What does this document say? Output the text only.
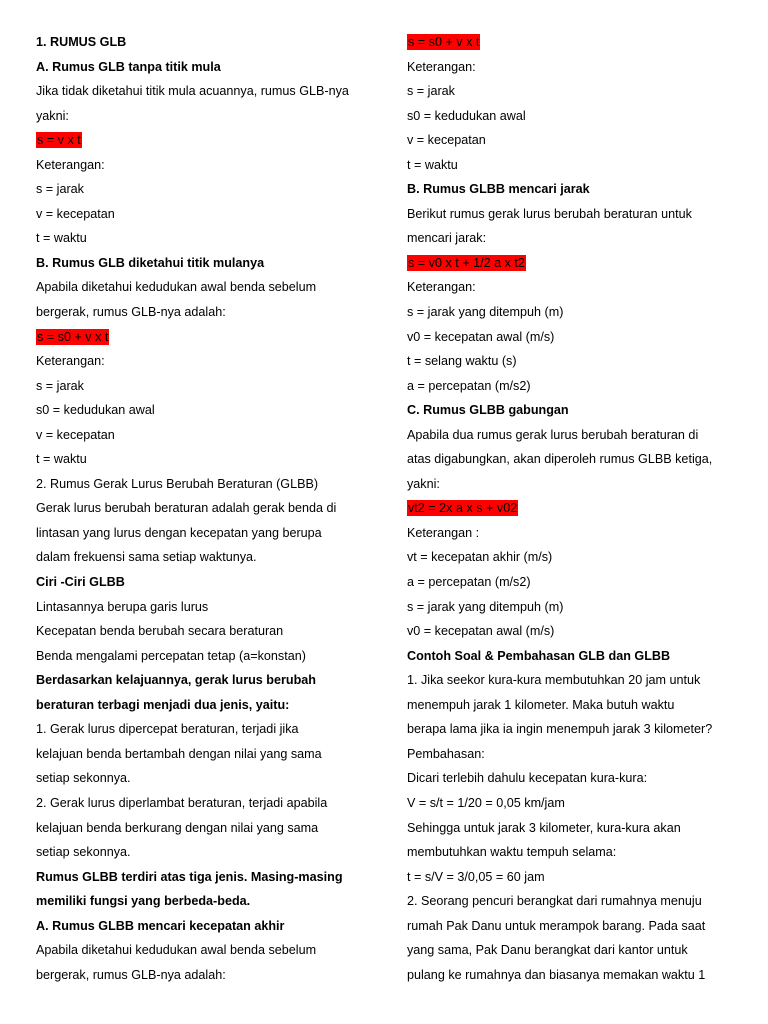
1. RUMUS GLB
A. Rumus GLB tanpa titik mula
Jika tidak diketahui titik mula acuannya, rumus GLB-nya
yakni:
s = v x t
Keterangan:
s = jarak
v = kecepatan
t = waktu
B. Rumus GLB diketahui titik mulanya
Apabila diketahui kedudukan awal benda sebelum
bergerak, rumus GLB-nya adalah:
s = s0 + v x t
Keterangan:
s = jarak
s0 = kedudukan awal
v = kecepatan
t = waktu
2. Rumus Gerak Lurus Berubah Beraturan (GLBB)
Gerak lurus berubah beraturan adalah gerak benda di
lintasan yang lurus dengan kecepatan yang berupa
dalam frekuensi sama setiap waktunya.
Ciri -Ciri GLBB
Lintasannya berupa garis lurus
Kecepatan benda berubah secara beraturan
Benda mengalami percepatan tetap (a=konstan)
Berdasarkan kelajuannya, gerak lurus berubah
beraturan terbagi menjadi dua jenis, yaitu:
1. Gerak lurus dipercepat beraturan, terjadi jika
kelajuan benda bertambah dengan nilai yang sama
setiap sekonnya.
2. Gerak lurus diperlambat beraturan, terjadi apabila
kelajuan benda berkurang dengan nilai yang sama
setiap sekonnya.
Rumus GLBB terdiri atas tiga jenis. Masing-masing
memiliki fungsi yang berbeda-beda.
A. Rumus GLBB mencari kecepatan akhir
Apabila diketahui kedudukan awal benda sebelum
bergerak, rumus GLB-nya adalah:
s = s0 + v x t
Keterangan:
s = jarak
s0 = kedudukan awal
v = kecepatan
t = waktu
B. Rumus GLBB mencari jarak
Berikut rumus gerak lurus berubah beraturan untuk
mencari jarak:
s = v0 x t + 1/2 a x t2
Keterangan:
s = jarak yang ditempuh (m)
v0 = kecepatan awal (m/s)
t = selang waktu (s)
a = percepatan (m/s2)
C. Rumus GLBB gabungan
Apabila dua rumus gerak lurus berubah beraturan di
atas digabungkan, akan diperoleh rumus GLBB ketiga,
yakni:
vt2 = 2x a x s + v02
Keterangan :
vt = kecepatan akhir (m/s)
a = percepatan (m/s2)
s = jarak yang ditempuh (m)
v0 = kecepatan awal (m/s)
Contoh Soal & Pembahasan GLB dan GLBB
1. Jika seekor kura-kura membutuhkan 20 jam untuk
menempuh jarak 1 kilometer. Maka butuh waktu
berapa lama jika ia ingin menempuh jarak 3 kilometer?
Pembahasan:
Dicari terlebih dahulu kecepatan kura-kura:
V = s/t = 1/20 = 0,05 km/jam
Sehingga untuk jarak 3 kilometer, kura-kura akan
membutuhkan waktu tempuh selama:
t = s/V = 3/0,05 = 60 jam
2. Seorang pencuri berangkat dari rumahnya menuju
rumah Pak Danu untuk merampok barang. Pada saat
yang sama, Pak Danu berangkat dari kantor untuk
pulang ke rumahnya dan biasanya memakan waktu 1
